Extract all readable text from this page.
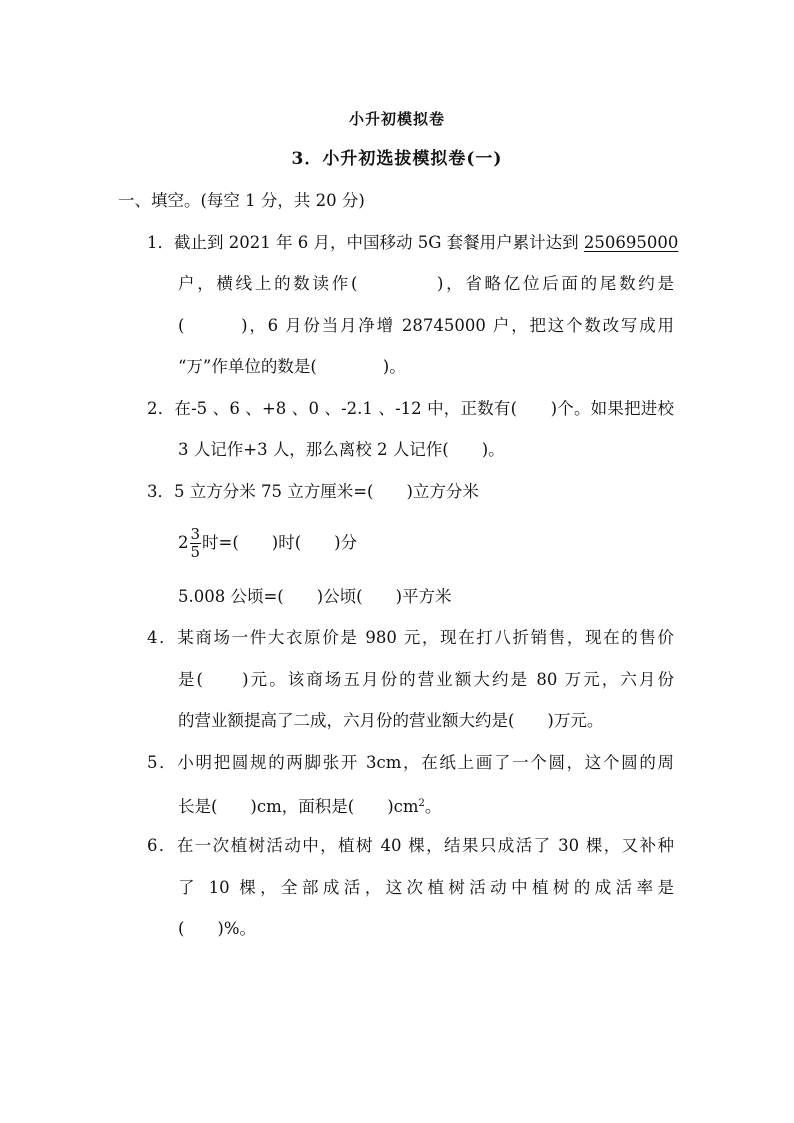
小升初模拟卷
3．小升初选拔模拟卷(一)
一、填空。(每空 1 分，共 20 分)
1．截止到 2021 年 6 月，中国移动 5G 套餐用户累计达到 250695000
户，横线上的数读作(　　　　)，省略亿位后面的尾数约是
(　　　)，6 月份当月净增 28745000 户，把这个数改写成用
“万”作单位的数是(　　　　)。
2．在-5 、6 、+8 、0 、-2.1 、-12 中，正数有(　　)个。如果把进校
3 人记作+3 人，那么离校 2 人记作(　　)。
3．5 立方分米 75 立方厘米=(　　)立方分米
$2 \frac{3}{5}$ 时=(　　)时(　　)分
5.008 公顷=(　　)公顷(　　)平方米
4．某商场一件大衣原价是 980 元，现在打八折销售，现在的售价
是(　　)元。该商场五月份的营业额大约是 80 万元，六月份
的营业额提高了二成，六月份的营业额大约是(　　)万元。
5．小明把圆规的两脚张开 3cm，在纸上画了一个圆，这个圆的周
长是(　　)cm，面积是(　　)$cm^2$。
6．在一次植树活动中，植树 40 棵，结果只成活了 30 棵，又补种
了 10 棵，全部成活，这次植树活动中植树的成活率是
(　　)%。
